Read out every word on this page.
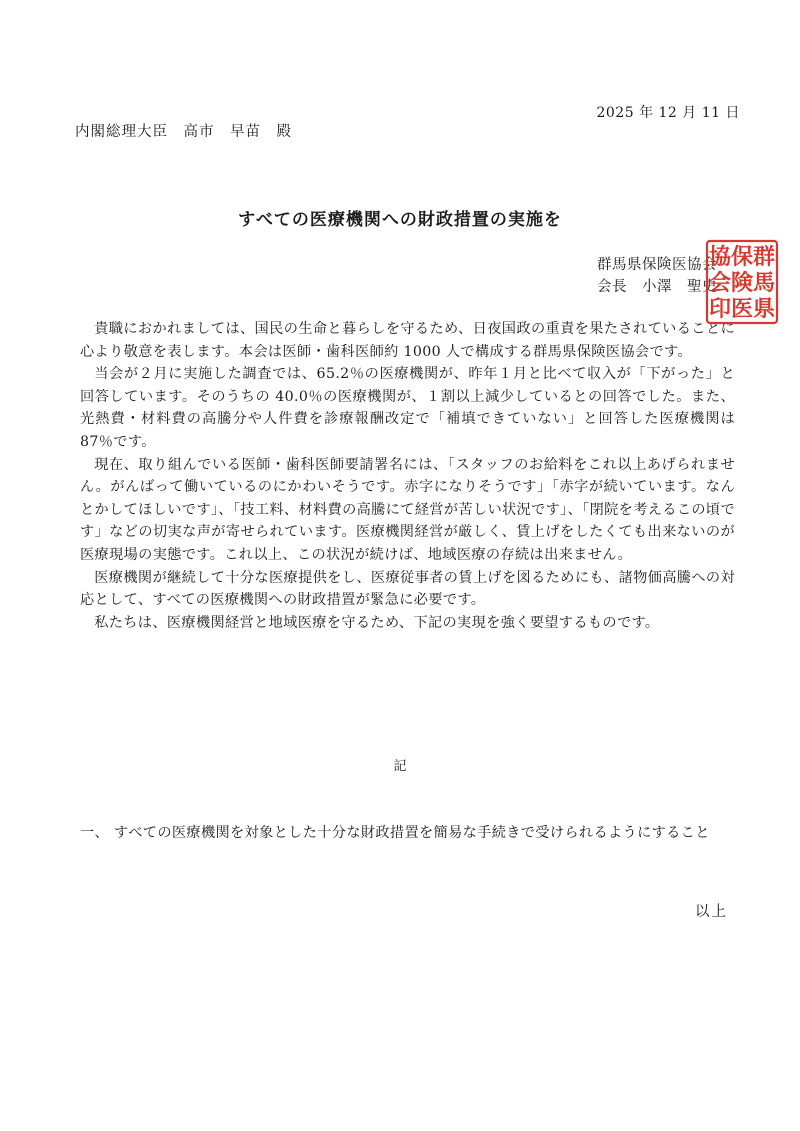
2025 年 12 月 11 日
内閣総理大臣　高市　早苗　殿
すべての医療機関への財政措置の実施を
群馬県保険医協会
会長　小澤　聖史
群
馬
県
保
険
医
協
会
印

貴職におかれましては、国民の生命と暮らしを守るため、日夜国政の重責を果たされていることに心より敬意を表します。本会は医師・歯科医師約 1000 人で構成する群馬県保険医協会です。

当会が２月に実施した調査では、65.2％の医療機関が、昨年１月と比べて収入が「下がった」と回答しています。そのうちの 40.0％の医療機関が、１割以上減少しているとの回答でした。また、光熱費・材料費の高騰分や人件費を診療報酬改定で「補填できていない」と回答した医療機関は 87％です。

現在、取り組んでいる医師・歯科医師要請署名には、「スタッフのお給料をこれ以上あげられません。がんばって働いているのにかわいそうです。赤字になりそうです」「赤字が続いています。なんとかしてほしいです」、「技工料、材料費の高騰にて経営が苦しい状況です」、「閉院を考えるこの頃です」などの切実な声が寄せられています。医療機関経営が厳しく、賃上げをしたくても出来ないのが医療現場の実態です。これ以上、この状況が続けば、地域医療の存続は出来ません。

医療機関が継続して十分な医療提供をし、医療従事者の賃上げを図るためにも、諸物価高騰への対応として、すべての医療機関への財政措置が緊急に必要です。

私たちは、医療機関経営と地域医療を守るため、下記の実現を強く要望するものです。

記
一、 すべての医療機関を対象とした十分な財政措置を簡易な手続きで受けられるようにすること
以上
